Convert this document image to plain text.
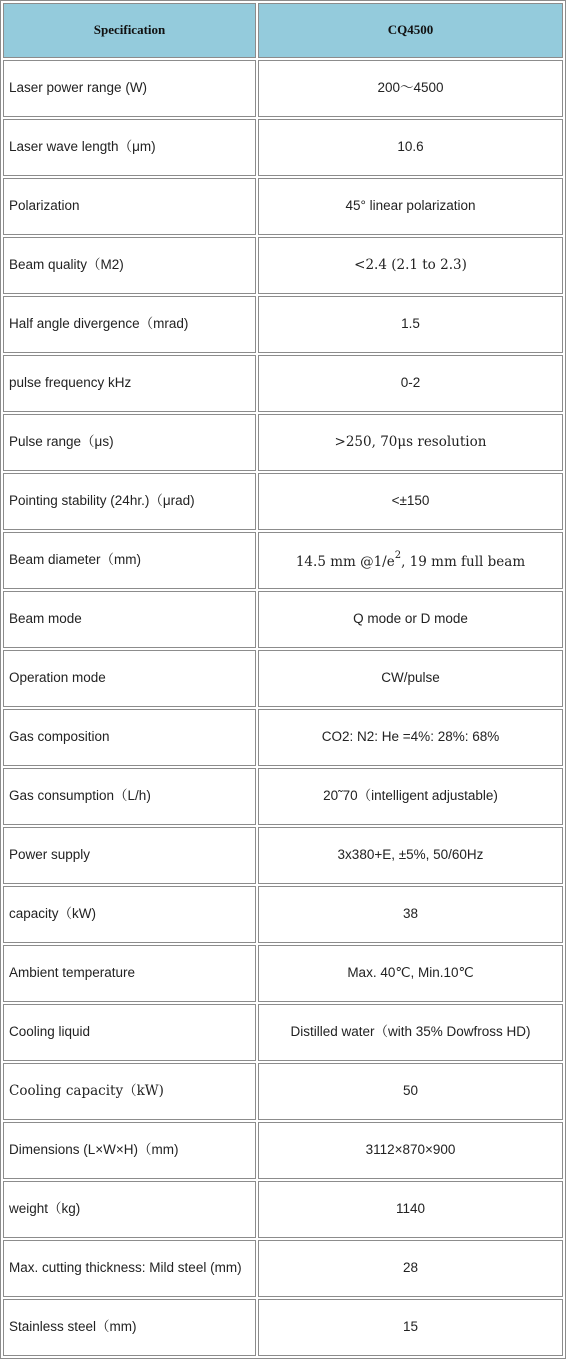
Specification	CQ4500
Laser power range (W)	200～4500
Laser wave length（μm)	10.6
Polarization	45° linear polarization
Beam quality（M2)	<2.4 (2.1 to 2.3)
Half angle divergence（mrad)	1.5
pulse frequency kHz	0-2
Pulse range（μs)	>250, 70μs resolution
Pointing stability (24hr.)（μrad)	<±150
Beam diameter（mm)	14.5 mm $@1/e^2$, 19 mm full beam
Beam mode	Q mode or D mode
Operation mode	CW/pulse
Gas composition	CO2: N2: He =4%: 28%: 68%
Gas consumption（L/h)	20˜70（intelligent adjustable)
Power supply	3x380+E, ±5%, 50/60Hz
capacity（kW)	38
Ambient temperature	Max. 40℃, Min.10℃
Cooling liquid	Distilled water（with 35% Dowfross HD)
Cooling capacity（kW)	50
Dimensions (L×W×H)（mm)	3112×870×900
weight（kg)	1140
Max. cutting thickness: Mild steel (mm)	28
Stainless steel（mm)	15
